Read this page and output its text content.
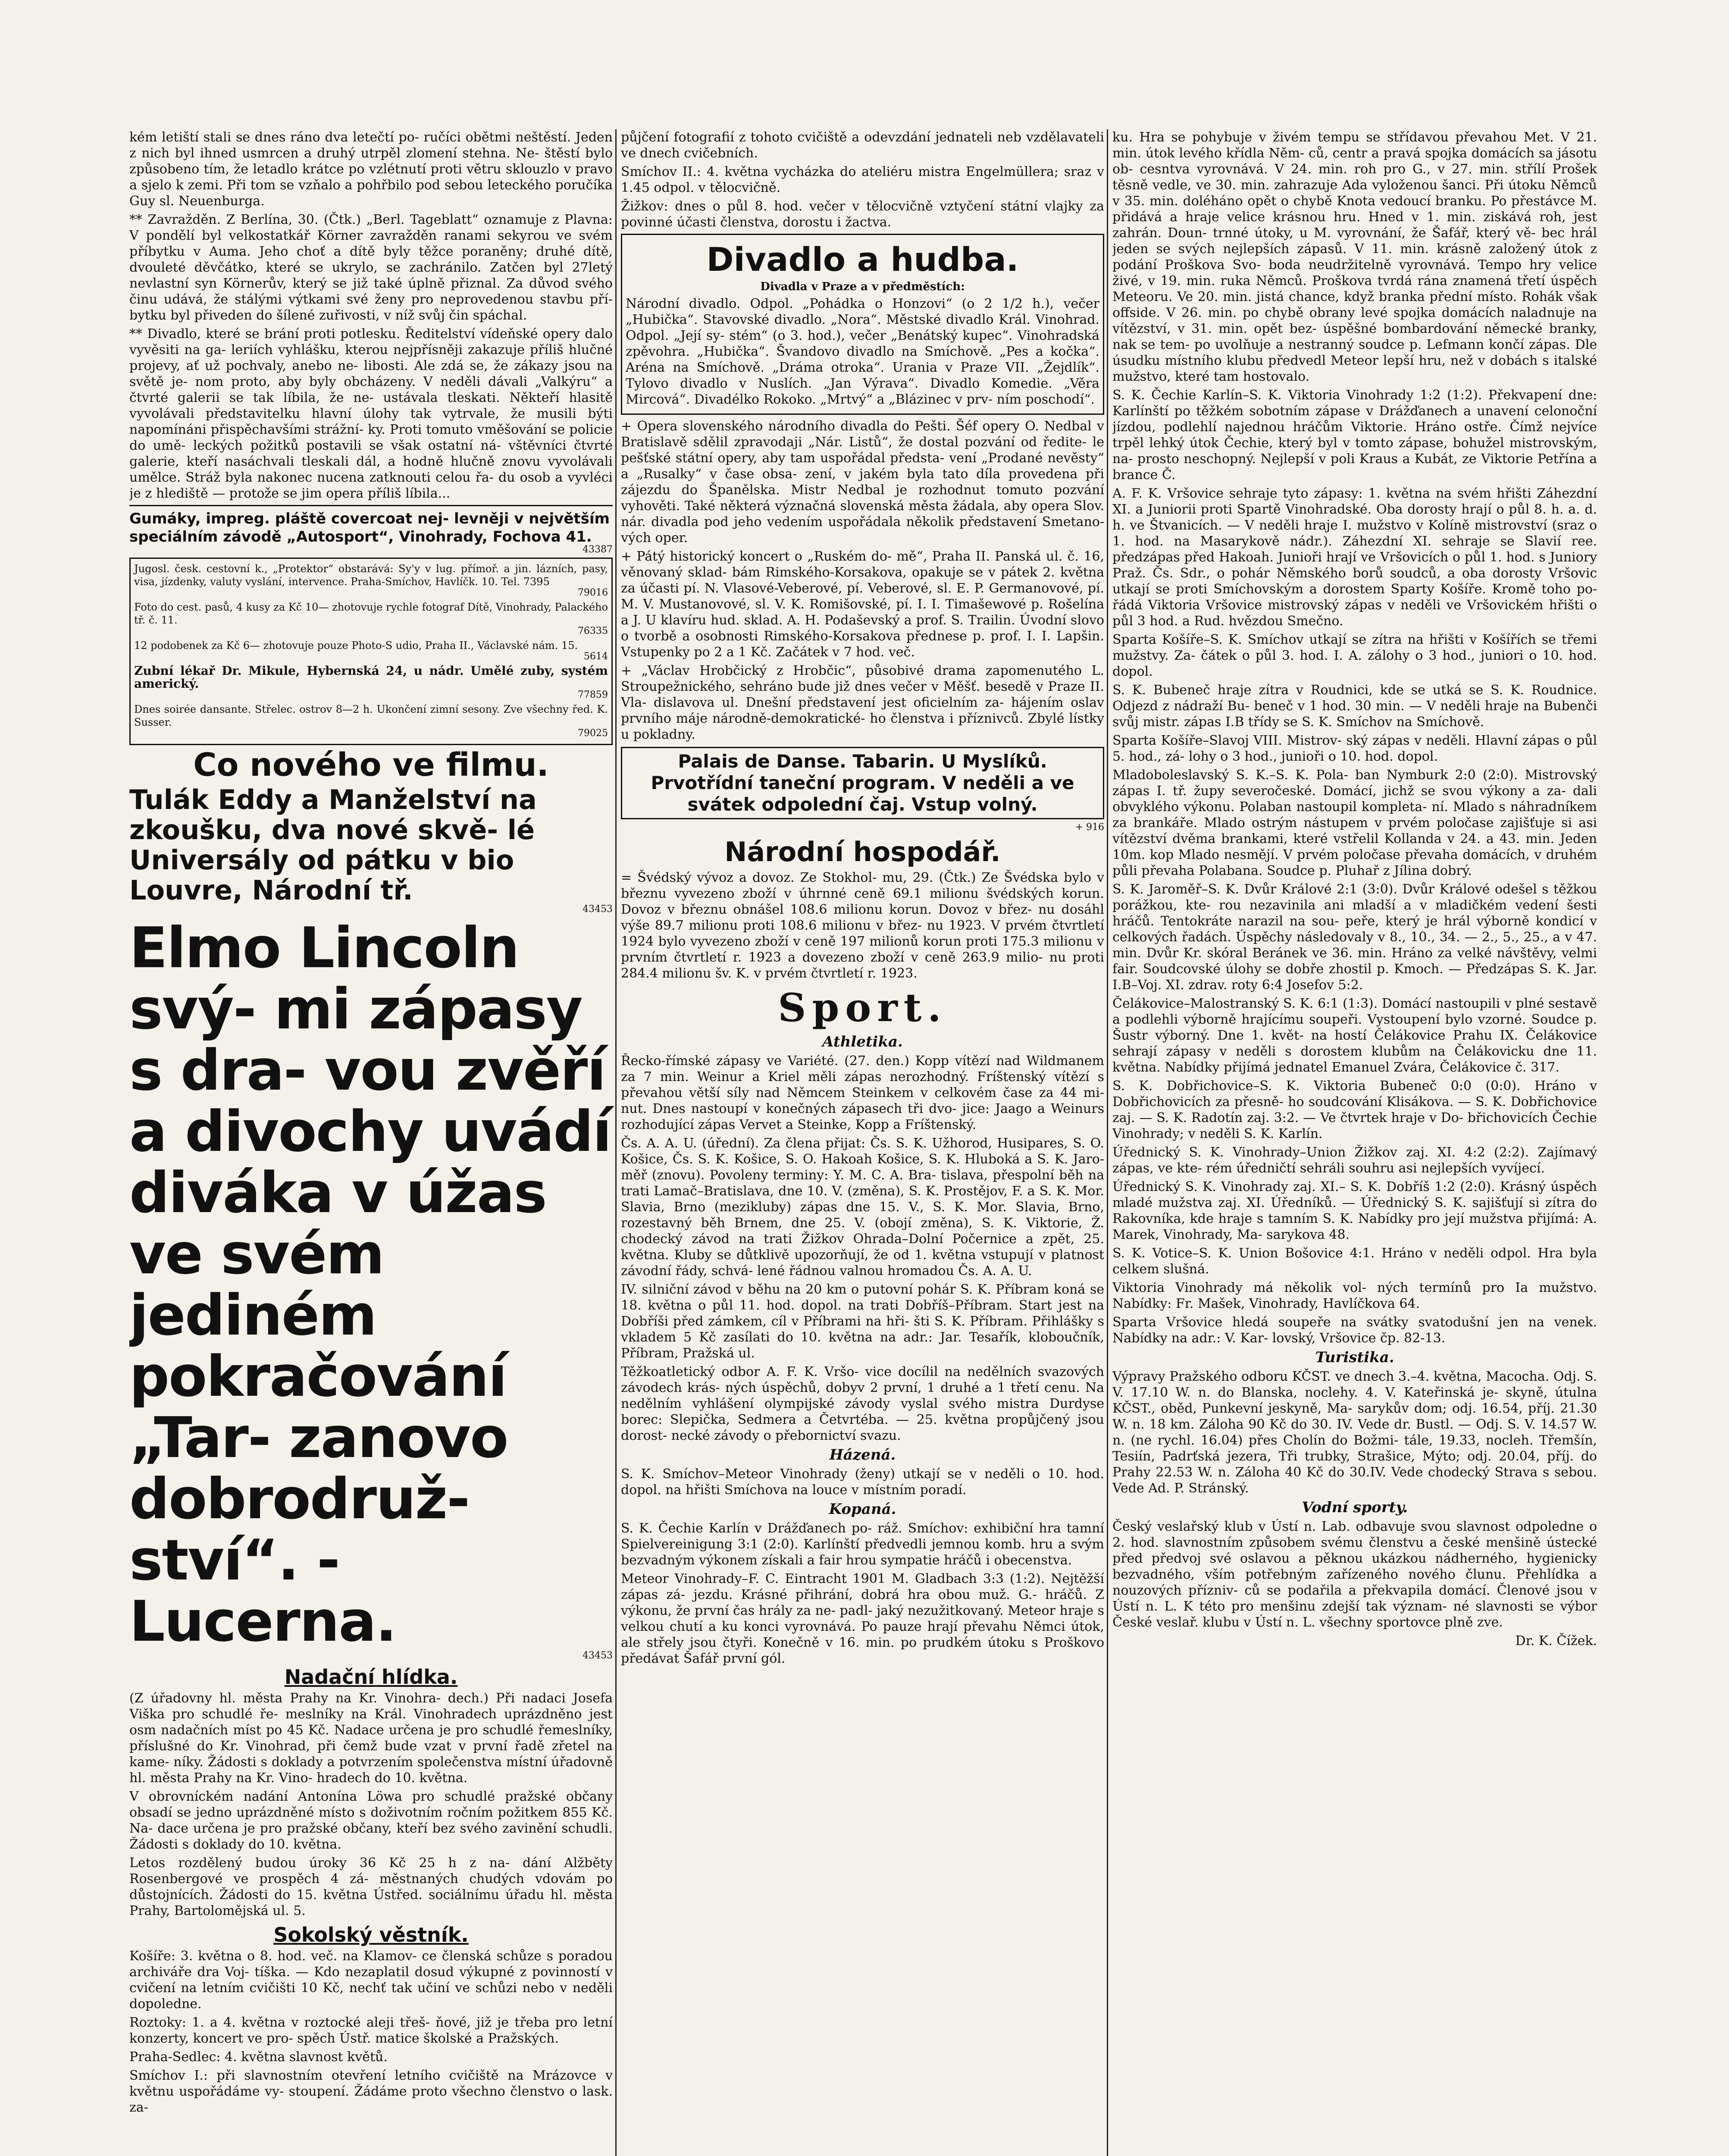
kém letiští stali se dnes ráno dva letečtí po- ručíci obětmi neštěstí. Jeden z nich byl ihned usmrcen a druhý utrpěl zlomení stehna. Ne- štěstí bylo způsobeno tím, že letadlo krátce po vzlétnutí proti větru sklouzlo v pravo a sjelo k zemi. Při tom se vzňalo a pohřbilo pod sebou leteckého poručíka Guy sl. Neuenburga.

** Zavražděn. Z Berlína, 30. (Čtk.) „Berl. Tageblatt“ oznamuje z Plavna: V pondělí byl velkostatkář Körner zavražděn ranami sekyrou ve svém příbytku v Auma. Jeho choť a dítě byly těžce poraněny; druhé dítě, dvouleté děvčátko, které se ukrylo, se zachránilo. Zatčen byl 27letý nevlastní syn Körnerův, který se již také úplně přiznal. Za důvod svého činu udává, že stálými výtkami své ženy pro neprovedenou stavbu pří- bytku byl přiveden do šílené zuřivosti, v níž svůj čin spáchal.

** Divadlo, které se brání proti potlesku. Ředitelství vídeňské opery dalo vyvěsiti na ga- leriích vyhlášku, kterou nejpřísněji zakazuje příliš hlučné projevy, ať už pochvaly, anebo ne- libosti. Ale zdá se, že zákazy jsou na světě je- nom proto, aby byly obcházeny. V neděli dávali „Valkýru“ a čtvrté galerii se tak líbila, že ne- ustávala tleskati. Někteří hlasitě vyvolávali představitelku hlavní úlohy tak vytrvale, že musili býti napomínáni přispěchavšími strážní- ky. Proti tomuto vměšování se policie do umě- leckých požitků postavili se však ostatní ná- vštěvníci čtvrté galerie, kteří nasáchvali tleskali dál, a hodně hlučně znovu vyvolávali umělce. Stráž byla nakonec nucena zatknouti celou řa- du osob a vyvléci je z hlediště — protože se jim opera příliš líbila...

Gumáky, impreg. pláště covercoat nej- levněji v největším speciálním závodě „Autosport“, Vinohrady, Fochova 41.
43387

Jugosl. česk. cestovní k., „Protektor“ obstarává: Sy'y v lug. přímoř. a jin. lázních, pasy, visa, jízdenky, valuty vyslání, intervence. Praha-Smíchov, Havlíčk. 10. Tel. 7395

79016

Foto do cest. pasů, 4 kusy za Kč 10— zhotovuje rychle fotograf Dítě, Vinohrady, Palackého tř. č. 11.

76335

12 podobenek za Kč 6— zhotovuje pouze Photo-S udio, Praha II., Václavské nám. 15.

5614

Zubní lékař Dr. Mikule, Hybernská 24, u nádr. Umělé zuby, systém americký.

77859

Dnes soirée dansante. Střelec. ostrov 8—2 h. Ukončení zimní sesony. Zve všechny řed. K. Susser.

79025
Co nového ve filmu.
Tulák Eddy a Manželství na zkoušku, dva nové skvě- lé Universály od pátku v bio Louvre, Národní tř.
43453
Elmo Lincoln svý- mi zápasy s dra- vou zvěří a divochy uvádí diváka v úžas ve svém jediném pokračování „Tar- zanovo dobrodruž- ství“. - Lucerna.
43453
Nadační hlídka.

(Z úřadovny hl. města Prahy na Kr. Vinohra- dech.) Při nadaci Josefa Viška pro schudlé ře- meslníky na Král. Vinohradech uprázdněno jest osm nadačních míst po 45 Kč. Nadace určena je pro schudlé řemeslníky, příslušné do Kr. Vinohrad, při čemž bude vzat v první řadě zřetel na kame- níky. Žádosti s doklady a potvrzením společenstva místní úřadovně hl. města Prahy na Kr. Vino- hradech do 10. května.

V obrovníckém nadání Antonína Löwa pro schudlé pražské občany obsadí se jedno uprázdněné místo s doživotním ročním požitkem 855 Kč. Na- dace určena je pro pražské občany, kteří bez svého zavinění schudli. Žádosti s doklady do 10. května.

Letos rozdělený budou úroky 36 Kč 25 h z na- dání Alžběty Rosenbergové ve prospěch 4 zá- městnaných chudých vdovám po důstojnících. Žádosti do 15. května Ústřed. sociálnímu úřadu hl. města Prahy, Bartolomějská ul. 5.

Sokolský věstník.

Košíře: 3. května o 8. hod. več. na Klamov- ce členská schůze s poradou archiváře dra Voj- tíška. — Kdo nezaplatil dosud výkupné z povinností v cvičení na letním cvičišti 10 Kč, nechť tak učiní ve schůzi nebo v neděli dopoledne.

Roztoky: 1. a 4. května v roztocké aleji třeš- ňové, již je třeba pro letní konzerty, koncert ve pro- spěch Ústř. matice školské a Pražských.

Praha-Sedlec: 4. května slavnost květů.

Smíchov I.: při slavnostním otevření letního cvičiště na Mrázovce v květnu uspořádáme vy- stoupení. Žádáme proto všechno členstvo o lask. za-

půjčení fotografií z tohoto cvičiště a odevzdání jednateli neb vzdělavateli ve dnech cvičebních.

Smíchov II.: 4. května vycházka do ateliéru mistra Engelmüllera; sraz v 1.45 odpol. v tělocvičně.

Žižkov: dnes o půl 8. hod. večer v tělocvičně vztyčení státní vlajky za povinné účasti členstva, dorostu i žactva.

Divadlo a hudba.
Divadla v Praze a v předměstích:

Národní divadlo. Odpol. „Pohádka o Honzovi“ (o 2 1/2 h.), večer „Hubička“. Stavovské divadlo. „Nora“. Městské divadlo Král. Vinohrad. Odpol. „Její sy- stém“ (o 3. hod.), večer „Benátský kupec“. Vinohradská zpěvohra. „Hubička“. Švandovo divadlo na Smíchově. „Pes a kočka“. Aréna na Smíchově. „Dráma otroka“. Urania v Praze VII. „Žejdlík“. Tylovo divadlo v Nuslích. „Jan Výrava“. Divadlo Komedie. „Věra Mircová“. Divadélko Rokoko. „Mrtvý“ a „Blázinec v prv- ním poschodí“.

+ Opera slovenského národního divadla do Pešti. Šéf opery O. Nedbal v Bratislavě sdělil zpravodaji „Nár. Listů“, že dostal pozvání od ředite- le pešťské státní opery, aby tam uspořádal předsta- vení „Prodané nevěsty“ a „Rusalky“ v čase obsa- zení, v jakém byla tato díla provedena při zájezdu do Španělska. Mistr Nedbal je rozhodnut tomuto pozvání vyhověti. Také některá význačná slovenská města žádala, aby opera Slov. nár. divadla pod jeho vedením uspořádala několik představení Smetano- vých oper.

+ Pátý historický koncert o „Ruském do- mě“, Praha II. Panská ul. č. 16, věnovaný sklad- bám Rimského-Korsakova, opakuje se v pátek 2. května za účasti pí. N. Vlasové-Veberové, pí. Veberové, sl. E. P. Germanovové, pí. M. V. Mustanovové, sl. V. K. Romišovské, pí. I. I. Timašewové p. Rošelína a J. U klavíru hud. sklad. A. H. Podaševský a prof. S. Trailin. Úvodní slovo o tvorbě a osobnosti Rimského-Korsakova přednese p. prof. I. I. Lapšin. Vstupenky po 2 a 1 Kč. Začátek v 7 hod. več.

+ „Václav Hrobčický z Hrobčic“, působivé drama zapomenutého L. Stroupežnického, sehráno bude již dnes večer v Měšť. besedě v Praze II. Vla- dislavova ul. Dnešní představení jest oficielním za- hájením oslav prvního máje národně-demokratické- ho členstva i příznivců. Zbylé lístky u pokladny.

Palais de Danse. Tabarin. U Myslíků. Prvotřídní taneční program. V neděli a ve svátek odpolední čaj. Vstup volný.
+ 916
Národní hospodář.

= Švédský vývoz a dovoz. Ze Stokhol- mu, 29. (Čtk.) Ze Švédska bylo v březnu vyvezeno zboží v úhrnné ceně 69.1 milionu švédských korun. Dovoz v březnu obnášel 108.6 milionu korun. Dovoz v břez- nu dosáhl výše 89.7 milionu proti 108.6 milionu v břez- nu 1923. V prvém čtvrtletí 1924 bylo vyvezeno zboží v ceně 197 milionů korun proti 175.3 milionu v prvním čtvrtletí r. 1923 a dovezeno zboží v ceně 263.9 milio- nu proti 284.4 milionu šv. K. v prvém čtvrtletí r. 1923.

Sport.
Athletika.

Řecko-římské zápasy ve Variété. (27. den.) Kopp vítězí nad Wildmanem za 7 min. Weinur a Kriel měli zápas nerozhodný. Fríštenský vítězí s převahou větší síly nad Němcem Steinkem v celkovém čase za 44 mi- nut. Dnes nastoupí v konečných zápasech tři dvo- jice: Jaago a Weinurs rozhodující zápas Vervet a Steinke, Kopp a Fríštenský.

Čs. A. A. U. (úřední). Za člena přijat: Čs. S. K. Užhorod, Husipares, S. O. Košice, Čs. S. K. Košice, S. O. Hakoah Košice, S. K. Hluboká a S. K. Jaro- měř (znovu). Povoleny terminy: Y. M. C. A. Bra- tislava, přespolní běh na trati Lamač–Bratislava, dne 10. V. (změna), S. K. Prostějov, F. a S. K. Mor. Slavia, Brno (mezikluby) zápas dne 15. V., S. K. Mor. Slavia, Brno, rozestavný běh Brnem, dne 25. V. (obojí změna), S. K. Viktorie, Ž. chodecký závod na trati Žižkov Ohrada–Dolní Počernice a zpět, 25. května. Kluby se důtklivě upozorňují, že od 1. května vstupují v platnost závodní řády, schvá- lené řádnou valnou hromadou Čs. A. A. U.

IV. silniční závod v běhu na 20 km o putovní pohár S. K. Příbram koná se 18. května o půl 11. hod. dopol. na trati Dobříš–Příbram. Start jest na Dobříši před zámkem, cíl v Příbrami na hři- šti S. K. Příbram. Přihlášky s vkladem 5 Kč zasílati do 10. května na adr.: Jar. Tesařík, kloboučník, Příbram, Pražská ul.

Těžkoatletický odbor A. F. K. Vršo- vice docílil na nedělních svazových závodech krás- ných úspěchů, dobyv 2 první, 1 druhé a 1 třetí cenu. Na nedělním vyhlášení olympijské závody vyslal svého mistra Durdyse borec: Slepička, Sedmera a Četvrtéba. — 25. května propůjčený jsou dorost- necké závody o přebornictví svazu.

Házená.

S. K. Smíchov–Meteor Vinohrady (ženy) utkají se v neděli o 10. hod. dopol. na hřišti Smíchova na louce v místním poradí.

Kopaná.

S. K. Čechie Karlín v Drážďanech po- ráž. Smíchov: exhibiční hra tamní Spielvereinigung 3:1 (2:0). Karlínští předvedli jemnou komb. hru a svým bezvadným výkonem získali a fair hrou sympatie hráčů i obecenstva.

Meteor Vinohrady–F. C. Eintracht 1901 M. Gladbach 3:3 (1:2). Nejtěžší zápas zá- jezdu. Krásné přihrání, dobrá hra obou muž. G.- hráčů. Z výkonu, že první čas hrály za ne- padl- jaký nezužitkovaný. Meteor hraje s velkou chutí a ku konci vyrovnává. Po pauze hrají převahu Němci útok, ale střely jsou čtyři. Konečně v 16. min. po prudkém útoku s Proškovo předávat Šafář první gól.

ku. Hra se pohybuje v živém tempu se střídavou převahou Met. V 21. min. útok levého křídla Něm- ců, centr a pravá spojka domácích sa jásotu ob- cesntva vyrovnává. V 24. min. roh pro G., v 27. min. střílí Prošek těsně vedle, ve 30. min. zahrazuje Ada vyloženou šanci. Při útoku Němců v 35. min. doléháno opět o chybě Knota vedoucí branku. Po přestávce M. přidává a hraje velice krásnou hru. Hned v 1. min. ziskává roh, jest zahrán. Doun- trnné útoky, u M. vyrovnání, že Šafář, který vě- bec hrál jeden se svých nejlepších zápasů. V 11. min. krásně založený útok z podání Proškova Svo- boda neudržitelně vyrovnává. Tempo hry velice živé, v 19. min. ruka Němců. Proškova tvrdá rána znamená třetí úspěch Meteoru. Ve 20. min. jistá chance, když branka přední místo. Rohák však offside. V 26. min. po chybě obrany levé spojka domácích naladnuje na vítězství, v 31. min. opět bez- úspěšné bombardování německé branky, nak se tem- po uvolňuje a nestranný soudce p. Lefmann končí zápas. Dle úsudku místního klubu předvedl Meteor lepší hru, než v dobách s italské mužstvo, které tam hostovalo.

S. K. Čechie Karlín–S. K. Viktoria Vinohrady 1:2 (1:2). Překvapení dne: Karlínští po těžkém sobotním zápase v Drážďanech a unavení celonoční jízdou, podlehlí najednou hráčům Viktorie. Hráno ostře. Čímž nejvíce trpěl lehký útok Čechie, který byl v tomto zápase, bohužel mistrovským, na- prosto neschopný. Nejlepší v poli Kraus a Kubát, ze Viktorie Petřína a brance Č.

A. F. K. Vršovice sehraje tyto zápasy: 1. května na svém hřišti Záhezdní XI. a Juniorii proti Spartě Vinohradské. Oba dorosty hrají o půl 8. h. a. d. h. ve Štvanicích. — V neděli hraje I. mužstvo v Kolíně mistrovství (sraz o 1. hod. na Masarykově nádr.). Záhezdní XI. sehraje se Slavií ree. předzápas před Hakoah. Junioři hrají ve Vršovicích o půl 1. hod. s Juniory Praž. Čs. Sdr., o pohár Němského borů soudců, a oba dorosty Vršovic utkají se proti Smíchovským a dorostem Sparty Košíře. Kromě toho po- řádá Viktoria Vršovice mistrovský zápas v neděli ve Vršovickém hřišti o půl 3 hod. a Rud. hvězdou Smečno.

Sparta Košíře–S. K. Smíchov utkají se zítra na hřišti v Košířích se třemi mužstvy. Za- čátek o půl 3. hod. I. A. zálohy o 3 hod., juniori o 10. hod. dopol.

S. K. Bubeneč hraje zítra v Roudnici, kde se utká se S. K. Roudnice. Odjezd z nádraží Bu- beneč v 1 hod. 30 min. — V neděli hraje na Bubenči svůj mistr. zápas I.B třídy se S. K. Smíchov na Smíchově.

Sparta Košíře–Slavoj VIII. Mistrov- ský zápas v neděli. Hlavní zápas o půl 5. hod., zá- lohy o 3 hod., junioři o 10. hod. dopol.

Mladoboleslavský S. K.–S. K. Pola- ban Nymburk 2:0 (2:0). Mistrovský zápas I. tř. župy severočeské. Domácí, jichž se svou výkony a za- dali obvyklého výkonu. Polaban nastoupil kompleta- ní. Mlado s náhradníkem za brankáře. Mlado ostrým nástupem v prvém poločase zajišťuje si asi vítězství dvěma brankami, které vstřelil Kollanda v 24. a 43. min. Jeden 10m. kop Mlado nesmějí. V prvém poločase převaha domácích, v druhém půli převaha Polabana. Soudce p. Pluhař z Jílina dobrý.

S. K. Jaroměř–S. K. Dvůr Králové 2:1 (3:0). Dvůr Králové odešel s těžkou porážkou, kte- rou nezavinila ani mladší a v mladičkém vedení šesti hráčů. Tentokráte narazil na sou- peře, který je hrál výborně kondicí v celkových řadách. Úspěchy následovaly v 8., 10., 34. — 2., 5., 25., a v 47. min. Dvůr Kr. skóral Beránek ve 36. min. Hráno za velké návštěvy, velmi fair. Soudcovské úlohy se dobře zhostil p. Kmoch. — Předzápas S. K. Jar. I.B–Voj. XI. zdrav. roty 6:4 Josefov 5:2.

Čelákovice–Malostranský S. K. 6:1 (1:3). Domácí nastoupili v plné sestavě a podlehli výborně hrajícímu soupeři. Vystoupení bylo vzorné. Soudce p. Šustr výborný. Dne 1. květ- na hostí Čelákovice Prahu IX. Čelákovice sehrají zápasy v neděli s dorostem klubům na Čelákovicku dne 11. května. Nabídky přijímá jednatel Emanuel Zvára, Čelákovice č. 317.

S. K. Dobřichovice–S. K. Viktoria Bubeneč 0:0 (0:0). Hráno v Dobřichovicích za přesně- ho soudcování Klisákova. — S. K. Dobřichovice zaj. — S. K. Radotín zaj. 3:2. — Ve čtvrtek hraje v Do- břichovicích Čechie Vinohrady; v neděli S. K. Karlín.

Úřednický S. K. Vinohrady–Union Žižkov zaj. XI. 4:2 (2:2). Zajímavý zápas, ve kte- rém úředničtí sehráli souhru asi nejlepších vyvíjecí.

Úřednický S. K. Vinohrady zaj. XI.– S. K. Dobříš 1:2 (2:0). Krásný úspěch mladé mužstva zaj. XI. Úředníků. — Úřednický S. K. sajišťují si zítra do Rakovníka, kde hraje s tamním S. K. Nabídky pro její mužstva přijímá: A. Marek, Vinohrady, Ma- sarykova 48.

S. K. Votice–S. K. Union Bošovice 4:1. Hráno v neděli odpol. Hra byla celkem slušná.

Viktoria Vinohrady má několik vol- ných termínů pro Ia mužstvo. Nabídky: Fr. Mašek, Vinohrady, Havlíčkova 64.

Sparta Vršovice hledá soupeře na svátky svatodušní jen na venek. Nabídky na adr.: V. Kar- lovský, Vršovice čp. 82-13.

Turistika.

Výpravy Pražského odboru KČST. ve dnech 3.–4. května, Macocha. Odj. S. V. 17.10 W. n. do Blanska, noclehy. 4. V. Kateřinská je- skyně, útulna KČST., oběd, Punkevní jeskyně, Ma- sarykův dom; odj. 16.54, příj. 21.30 W. n. 18 km. Záloha 90 Kč do 30. IV. Vede dr. Bustl. — Odj. S. V. 14.57 W. n. (ne rychl. 16.04) přes Cholín do Božmi- tále, 19.33, nocleh. Třemšín, Tesiín, Padrťská jezera, Tři trubky, Strašice, Mýto; odj. 20.04, příj. do Prahy 22.53 W. n. Záloha 40 Kč do 30.IV. Vede chodecký Strava s sebou. Vede Ad. P. Stránský.

Vodní sporty.

Český veslařský klub v Ústí n. Lab. odbavuje svou slavnost odpoledne o 2. hod. slavnostním způsobem svému členstvu a české menšině ústecké před předvoj své oslavou a pěknou ukázkou nádherného, hygienicky bezvadného, vším potřebným zařízeného nového člunu. Přehlídka a nouzových přízniv- ců se podařila a překvapila domácí. Členové jsou v Ústí n. L. K této pro menšinu zdejší tak význam- né slavnosti se výbor České veslař. klubu v Ústí n. L. všechny sportovce plně zve.

Dr. K. Čížek.
